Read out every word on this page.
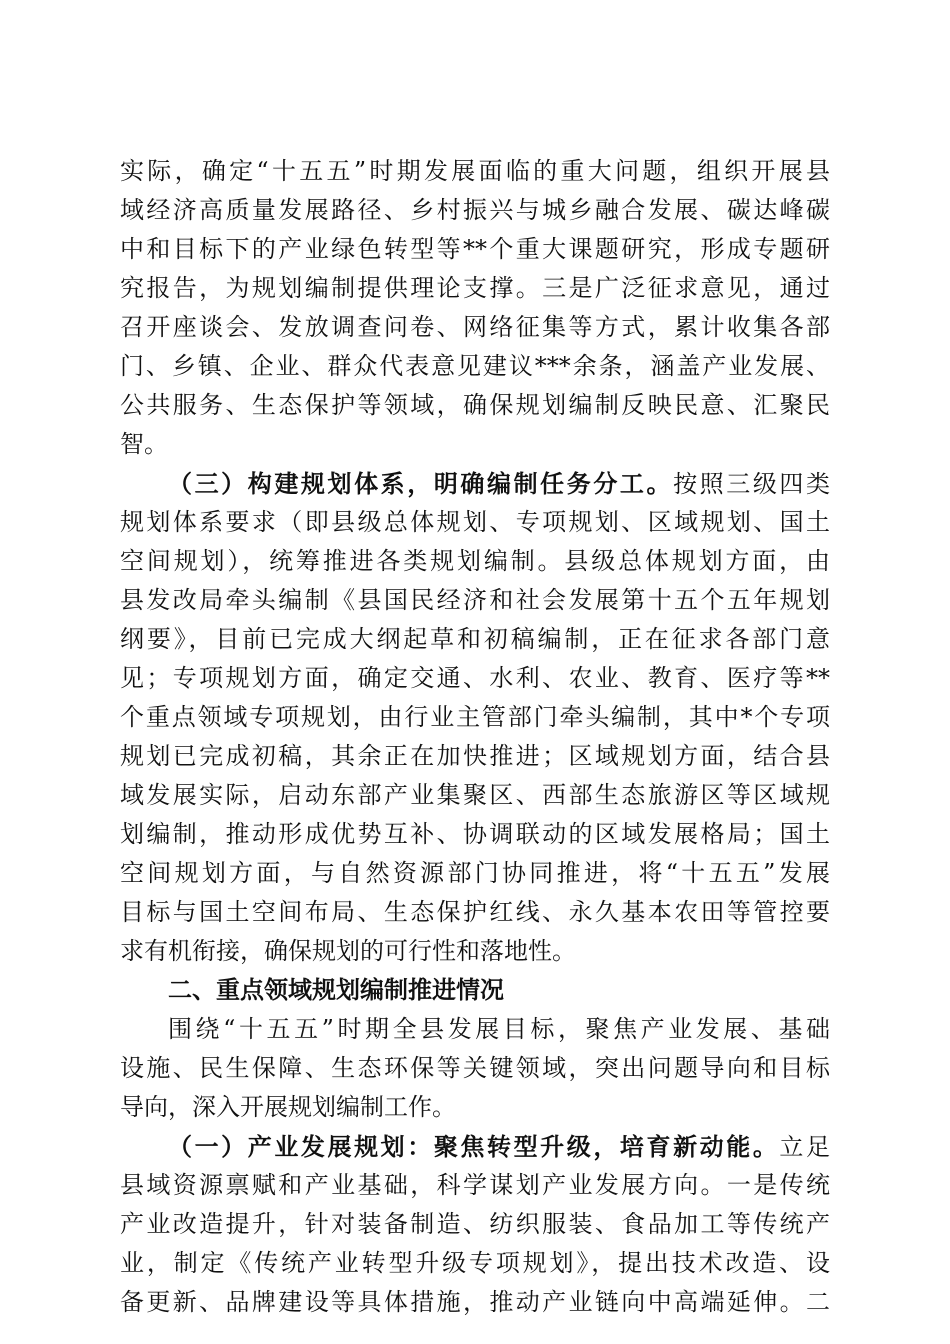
实际，确定“十五五”时期发展面临的重大问题，组织开展县
域经济高质量发展路径、乡村振兴与城乡融合发展、碳达峰碳
中和目标下的产业绿色转型等**个重大课题研究，形成专题研
究报告，为规划编制提供理论支撑。三是广泛征求意见，通过
召开座谈会、发放调查问卷、网络征集等方式，累计收集各部
门、乡镇、企业、群众代表意见建议***余条，涵盖产业发展、
公共服务、生态保护等领域，确保规划编制反映民意、汇聚民
智。
（三）构建规划体系，明确编制任务分工。按照三级四类
规划体系要求（即县级总体规划、专项规划、区域规划、国土
空间规划），统筹推进各类规划编制。县级总体规划方面，由
县发改局牵头编制《县国民经济和社会发展第十五个五年规划
纲要》，目前已完成大纲起草和初稿编制，正在征求各部门意
见；专项规划方面，确定交通、水利、农业、教育、医疗等**
个重点领域专项规划，由行业主管部门牵头编制，其中*个专项
规划已完成初稿，其余正在加快推进；区域规划方面，结合县
域发展实际，启动东部产业集聚区、西部生态旅游区等区域规
划编制，推动形成优势互补、协调联动的区域发展格局；国土
空间规划方面，与自然资源部门协同推进，将“十五五”发展
目标与国土空间布局、生态保护红线、永久基本农田等管控要
求有机衔接，确保规划的可行性和落地性。
二、重点领域规划编制推进情况
围绕“十五五”时期全县发展目标，聚焦产业发展、基础
设施、民生保障、生态环保等关键领域，突出问题导向和目标
导向，深入开展规划编制工作。
（一）产业发展规划：聚焦转型升级，培育新动能。立足
县域资源禀赋和产业基础，科学谋划产业发展方向。一是传统
产业改造提升，针对装备制造、纺织服装、食品加工等传统产
业，制定《传统产业转型升级专项规划》，提出技术改造、设
备更新、品牌建设等具体措施，推动产业链向中高端延伸。二
